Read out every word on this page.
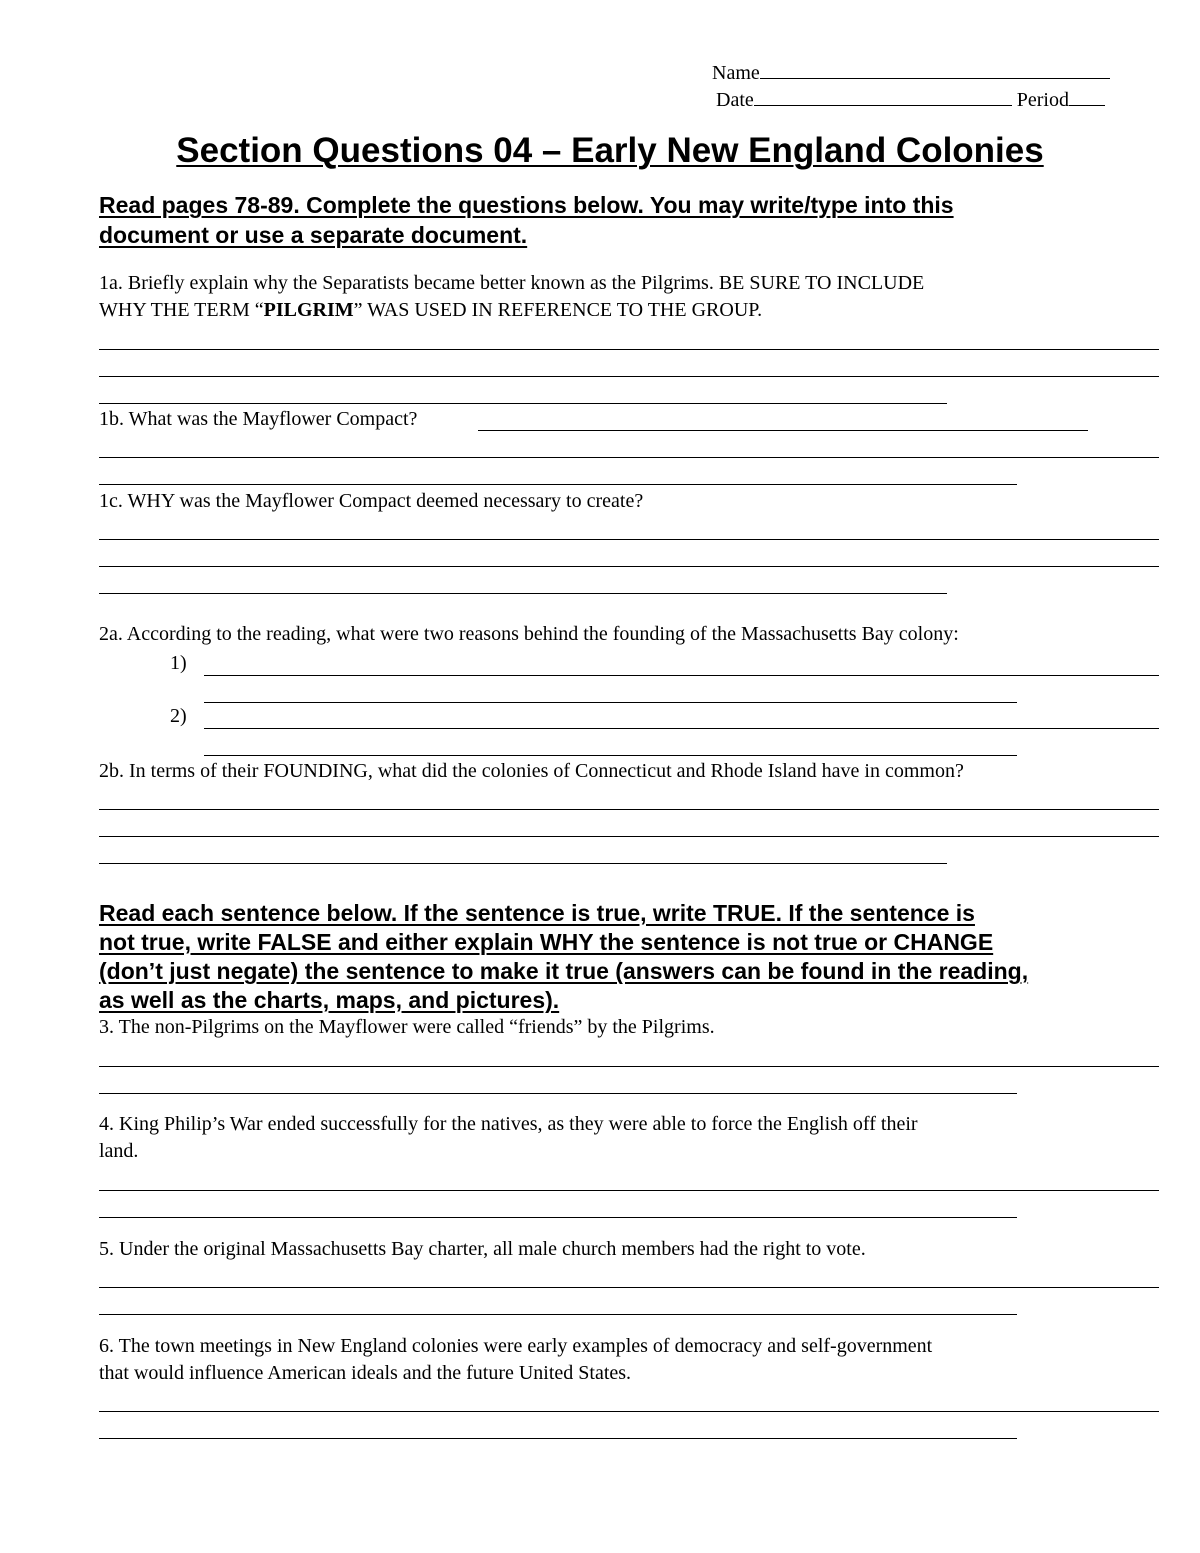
Name
Date	Period
Section Questions 04 – Early New England Colonies
Read pages 78-89. Complete the questions below. You may write/type into this
document or use a separate document.
1a. Briefly explain why the Separatists became better known as the Pilgrims. BE SURE TO INCLUDE
WHY THE TERM “PILGRIM” WAS USED IN REFERENCE TO THE GROUP.
1b. What was the Mayflower Compact?
1c. WHY was the Mayflower Compact deemed necessary to create?
2a. According to the reading, what were two reasons behind the founding of the Massachusetts Bay colony:
1)
2)
2b. In terms of their FOUNDING, what did the colonies of Connecticut and Rhode Island have in common?
Read each sentence below. If the sentence is true, write TRUE. If the sentence is
not true, write FALSE and either explain WHY the sentence is not true or CHANGE
(don’t just negate) the sentence to make it true (answers can be found in the reading,
as well as the charts, maps, and pictures).
3. The non-Pilgrims on the Mayflower were called “friends” by the Pilgrims.
4. King Philip’s War ended successfully for the natives, as they were able to force the English off their
land.
5. Under the original Massachusetts Bay charter, all male church members had the right to vote.
6. The town meetings in New England colonies were early examples of democracy and self-government
that would influence American ideals and the future United States.
